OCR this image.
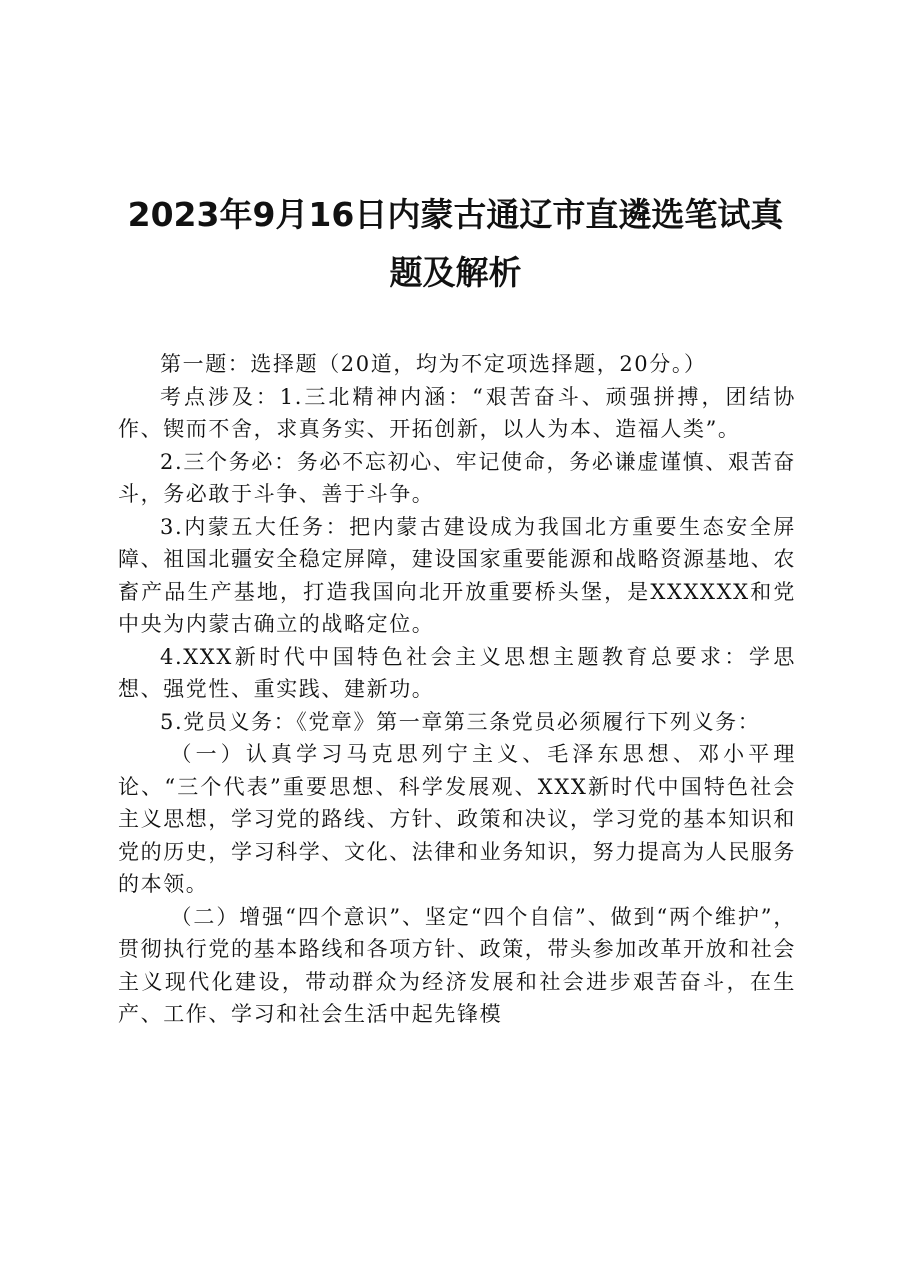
2023年9月16日内蒙古通辽市直遴选笔试真
题及解析

第一题：选择题（20道，均为不定项选择题，20分。）

考点涉及：1.三北精神内涵：“艰苦奋斗、顽强拼搏，团结协作、锲而不舍，求真务实、开拓创新，以人为本、造福人类”。

2.三个务必：务必不忘初心、牢记使命，务必谦虚谨慎、艰苦奋斗，务必敢于斗争、善于斗争。

3.内蒙五大任务：把内蒙古建设成为我国北方重要生态安全屏障、祖国北疆安全稳定屏障，建设国家重要能源和战略资源基地、农畜产品生产基地，打造我国向北开放重要桥头堡，是XXXXXX和党中央为内蒙古确立的战略定位。

4.XXX新时代中国特色社会主义思想主题教育总要求：学思想、强党性、重实践、建新功。

5.党员义务：《党章》第一章第三条党员必须履行下列义务：

（一）认真学习马克思列宁主义、毛泽东思想、邓小平理论、“三个代表”重要思想、科学发展观、XXX新时代中国特色社会主义思想，学习党的路线、方针、政策和决议，学习党的基本知识和党的历史，学习科学、文化、法律和业务知识，努力提高为人民服务的本领。

（二）增强“四个意识”、坚定“四个自信”、做到“两个维护”，贯彻执行党的基本路线和各项方针、政策，带头参加改革开放和社会主义现代化建设，带动群众为经济发展和社会进步艰苦奋斗，在生产、工作、学习和社会生活中起先锋模
